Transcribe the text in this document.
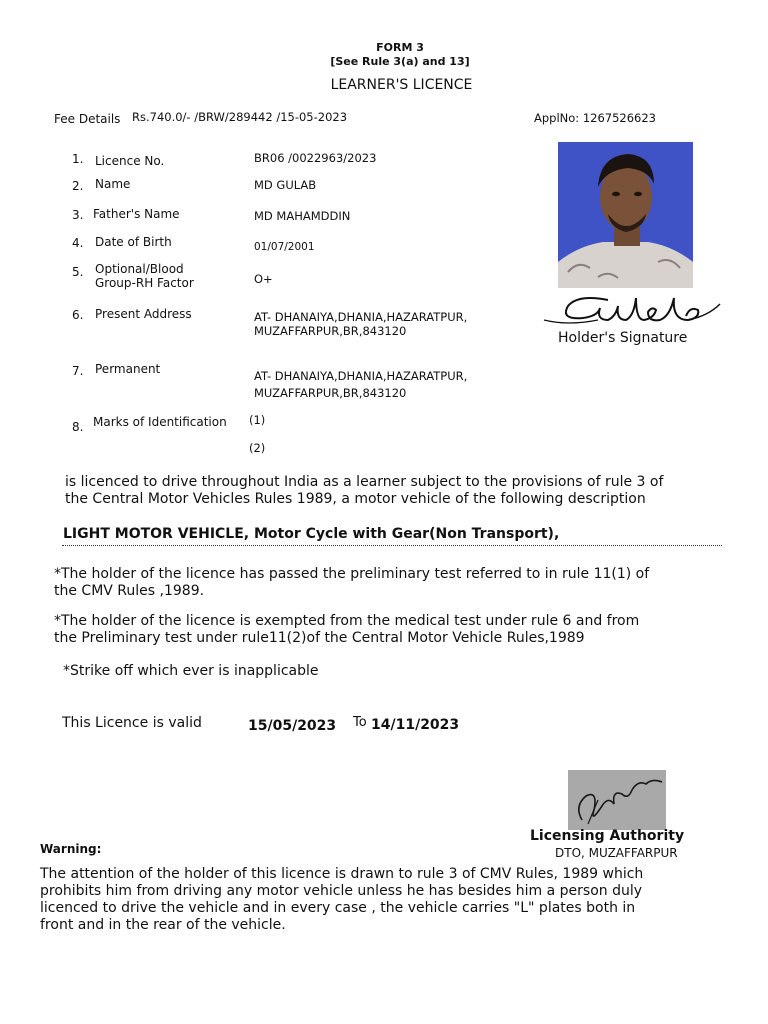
FORM 3
[See Rule 3(a) and 13]
LEARNER'S LICENCE
Fee Details Rs.740.0/- /BRW/289442 /15-05-2023	ApplNo: 1267526623
1. Licence No.	BR06 /0022963/2023
2. Name	MD GULAB
3. Father's Name	MD MAHAMDDIN
4. Date of Birth	01/07/2001
5. Optional/Blood
Group-RH Factor	O+
6. Present Address	AT- DHANAIYA,DHANIA,HAZARATPUR,
MUZAFFARPUR,BR,843120
7. Permanent	AT- DHANAIYA,DHANIA,HAZARATPUR,
MUZAFFARPUR,BR,843120
8. Marks of Identification (1)
(2)
Holder's Signature
is licenced to drive throughout India as a learner subject to the provisions of rule 3 of
the Central Motor Vehicles Rules 1989, a motor vehicle of the following description
LIGHT MOTOR VEHICLE, Motor Cycle with Gear(Non Transport),
*The holder of the licence has passed the preliminary test referred to in rule 11(1) of
the CMV Rules ,1989.
*The holder of the licence is exempted from the medical test under rule 6 and from
the Preliminary test under rule11(2)of the Central Motor Vehicle Rules,1989
*Strike off which ever is inapplicable
This Licence is valid	15/05/2023 To 14/11/2023
Licensing Authority
DTO, MUZAFFARPUR
Warning:
The attention of the holder of this licence is drawn to rule 3 of CMV Rules, 1989 which
prohibits him from driving any motor vehicle unless he has besides him a person duly
licenced to drive the vehicle and in every case , the vehicle carries "L" plates both in
front and in the rear of the vehicle.
